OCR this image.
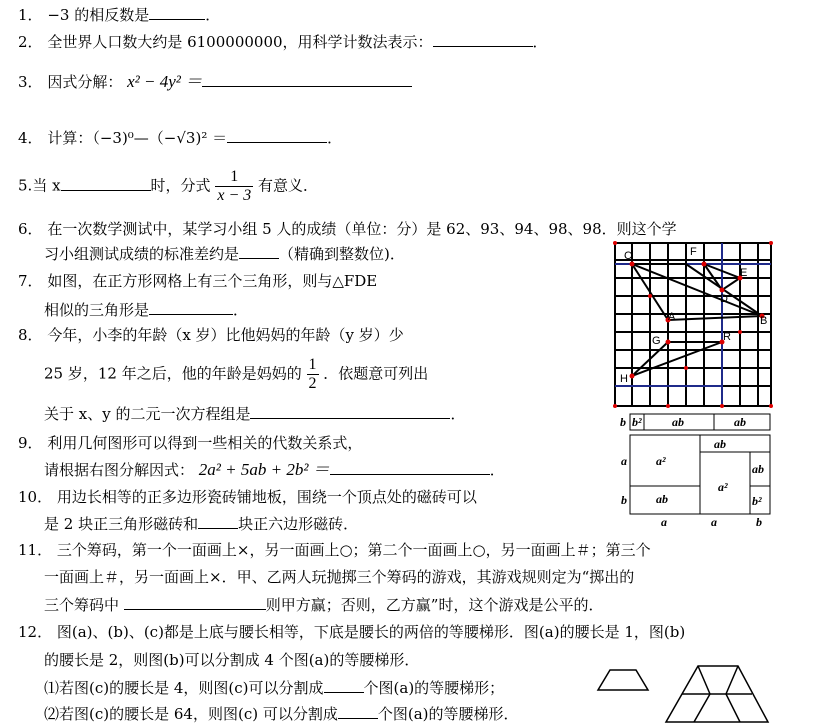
1． −3 的相反数是	．
2． 全世界人口数大约是 6100000000，用科学计数法表示：	．
3． 因式分解： x² − 4y² ＝
4． 计算：（−3)⁰—（−√3)² ＝	．
5.当 x	时，分式 $\frac{1}{x - 3}$ 有意义．
6． 在一次数学测试中，某学习小组 5 人的成绩（单位：分）是 62、93、94、98、98．则这个学
习小组测试成绩的标准差约是	（精确到整数位)．
7． 如图，在正方形网格上有三个三角形，则与△FDE
相似的三角形是	．
8． 今年，小李的年龄（x 岁）比他妈妈的年龄（y 岁）少
25 岁，12 年之后，他的年龄是妈妈的 $\frac{1}{2}$ ．依题意可列出
关于 x、y 的二元一次方程组是	．
9． 利用几何图形可以得到一些相关的代数关系式，
请根据右图分解因式： 2a² + 5ab + 2b² ＝	．
10． 用边长相等的正多边形瓷砖铺地板，围绕一个顶点处的磁砖可以
是 2 块正三角形磁砖和	块正六边形磁砖．
11． 三个筹码，第一个一面画上×，另一面画上○；第二个一面画上○，另一面画上＃；第三个
一面画上＃，另一面画上×．甲、乙两人玩抛掷三个筹码的游戏，其游戏规则定为“掷出的
三个筹码中	则甲方赢；否则，乙方赢”时，这个游戏是公平的．
12． 图(a)、(b)、(c)都是上底与腰长相等，下底是腰长的两倍的等腰梯形．图(a)的腰长是 1，图(b)
的腰长是 2，则图(b)可以分割成 4 个图(a)的等腰梯形．
⑴若图(c)的腰长是 4，则图(c)可以分割成	个图(a)的等腰梯形；
⑵若图(c)的腰长是 64，则图(c) 可以分割成	个图(a)的等腰梯形．
C	F
E
D
A	B
G	R
H
b b²	ab	ab
ab
a a²
ab
a²
b ab	b²
a	a	b
